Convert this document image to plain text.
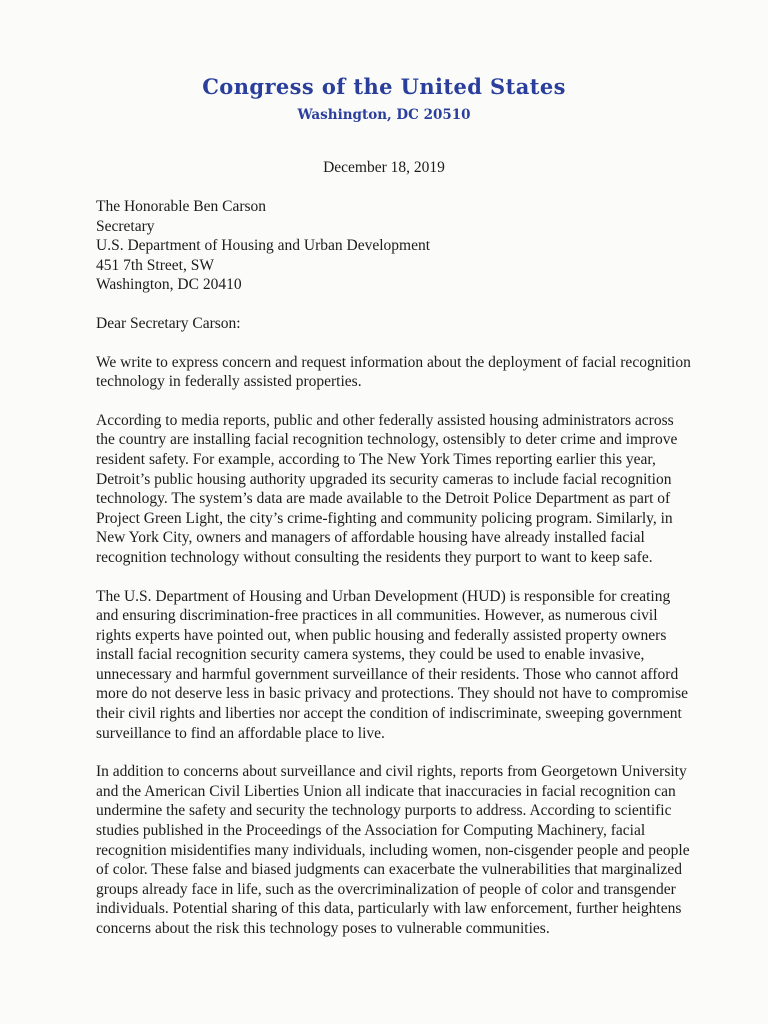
Congress of the United States
Washington, DC 20510
December 18, 2019

The Honorable Ben Carson

Secretary

U.S. Department of Housing and Urban Development

451 7th Street, SW

Washington, DC 20410

Dear Secretary Carson:

We write to express concern and request information about the deployment of facial recognition technology in federally assisted properties.

According to media reports, public and other federally assisted housing administrators across the country are installing facial recognition technology, ostensibly to deter crime and improve resident safety. For example, according to The New York Times reporting earlier this year, Detroit’s public housing authority upgraded its security cameras to include facial recognition technology. The system’s data are made available to the Detroit Police Department as part of Project Green Light, the city’s crime-fighting and community policing program. Similarly, in New York City, owners and managers of affordable housing have already installed facial recognition technology without consulting the residents they purport to want to keep safe.

The U.S. Department of Housing and Urban Development (HUD) is responsible for creating and ensuring discrimination-free practices in all communities. However, as numerous civil rights experts have pointed out, when public housing and federally assisted property owners install facial recognition security camera systems, they could be used to enable invasive, unnecessary and harmful government surveillance of their residents. Those who cannot afford more do not deserve less in basic privacy and protections. They should not have to compromise their civil rights and liberties nor accept the condition of indiscriminate, sweeping government surveillance to find an affordable place to live.

In addition to concerns about surveillance and civil rights, reports from Georgetown University and the American Civil Liberties Union all indicate that inaccuracies in facial recognition can undermine the safety and security the technology purports to address. According to scientific studies published in the Proceedings of the Association for Computing Machinery, facial recognition misidentifies many individuals, including women, non-cisgender people and people of color. These false and biased judgments can exacerbate the vulnerabilities that marginalized groups already face in life, such as the overcriminalization of people of color and transgender individuals. Potential sharing of this data, particularly with law enforcement, further heightens concerns about the risk this technology poses to vulnerable communities.
